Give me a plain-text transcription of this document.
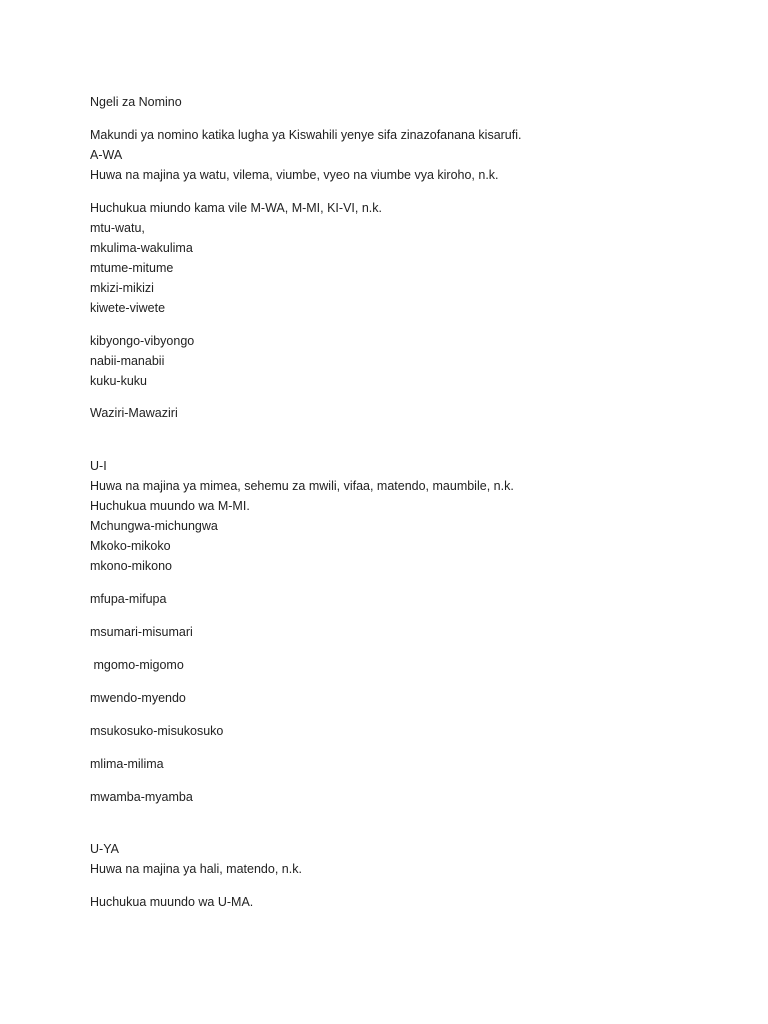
Ngeli za Nomino
Makundi ya nomino katika lugha ya Kiswahili yenye sifa zinazofanana kisarufi.
A-WA
Huwa na majina ya watu, vilema, viumbe, vyeo na viumbe vya kiroho, n.k.
Huchukua miundo kama vile M-WA, M-MI, KI-VI, n.k.
mtu-watu,
mkulima-wakulima
mtume-mitume
mkizi-mikizi
kiwete-viwete
kibyongo-vibyongo
nabii-manabii
kuku-kuku
Waziri-Mawaziri
U-I
Huwa na majina ya mimea, sehemu za mwili, vifaa, matendo, maumbile, n.k.
Huchukua muundo wa M-MI.
Mchungwa-michungwa
Mkoko-mikoko
mkono-mikono
mfupa-mifupa
msumari-misumari
mgomo-migomo
mwendo-myendo
msukosuko-misukosuko
mlima-milima
mwamba-myamba
U-YA
Huwa na majina ya hali, matendo, n.k.
Huchukua muundo wa U-MA.
